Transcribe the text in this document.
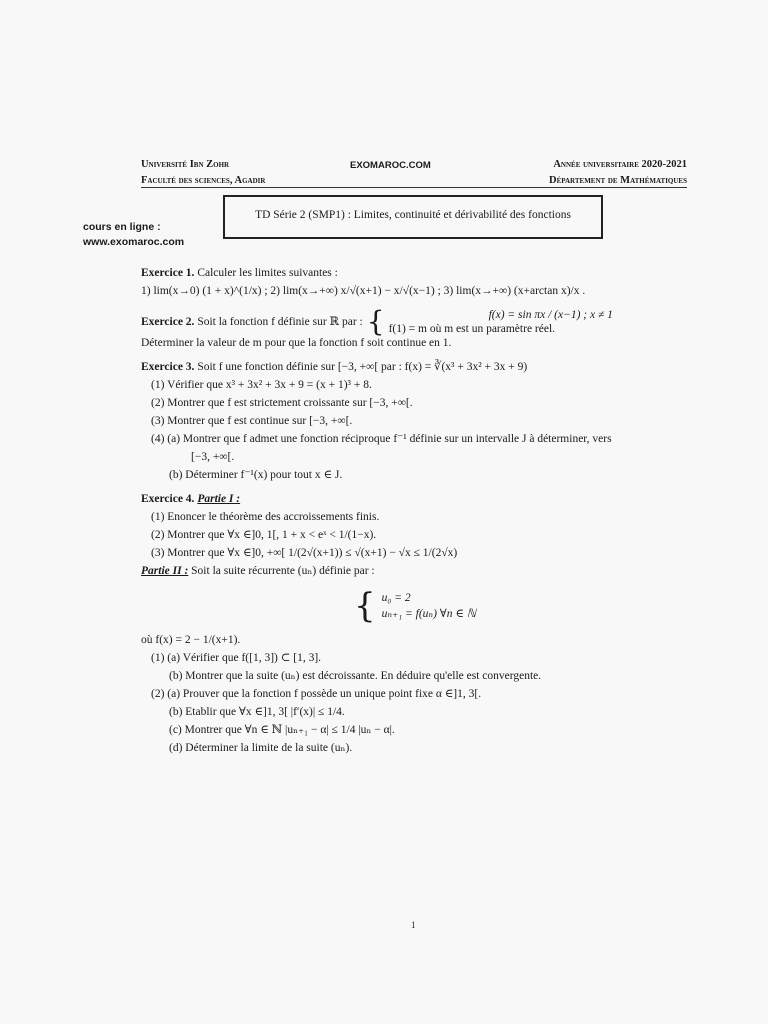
Université Ibn Zohr
Faculté des sciences, Agadir
EXOMAROC.COM	Année universitaire 2020-2021
Département de Mathématiques
TD Série 2 (SMP1) : Limites, continuité et dérivabilité des fonctions
cours en ligne :
www.exomaroc.com
Exercice 1. Calculer les limites suivantes :
1) lim(x→0) (1 + x)^(1/x) ; 2) lim(x→+∞) x/√(x+1) − x/√(x−1) ; 3) lim(x→+∞) (x+arctan x)/x .
Exercice 2.
Soit la fonction f définie sur ℝ par : {	f(x) = sin πx / (x−1) ; x ≠ 1
f(1) = m où m est un paramètre réel.
Déterminer la valeur de m pour que la fonction f soit continue en 1.
Exercice 3. Soit f une fonction définie sur [−3, +∞[ par : f(x) = ∛(x³ + 3x² + 3x + 9)
(1) Vérifier que x³ + 3x² + 3x + 9 = (x + 1)³ + 8.
(2) Montrer que f est strictement croissante sur [−3, +∞[.
(3) Montrer que f est continue sur [−3, +∞[.
(4) (a) Montrer que f admet une fonction réciproque f⁻¹ définie sur un intervalle J à déterminer, vers
[−3, +∞[.
(b) Déterminer f⁻¹(x) pour tout x ∈ J.
Exercice 4. Partie I :
(1) Enoncer le théorème des accroissements finis.
(2) Montrer que ∀x ∈]0, 1[, 1 + x < eˣ < 1/(1−x).
(3) Montrer que ∀x ∈]0, +∞[ 1/(2√(x+1)) ≤ √(x+1) − √x ≤ 1/(2√x)
Partie II : Soit la suite récurrente (uₙ) définie par :
{ u₀ = 2
uₙ₊₁ = f(uₙ) ∀n ∈ ℕ
où f(x) = 2 − 1/(x+1).
(1) (a) Vérifier que f([1, 3]) ⊂ [1, 3].
(b) Montrer que la suite (uₙ) est décroissante. En déduire qu'elle est convergente.
(2) (a) Prouver que la fonction f possède un unique point fixe α ∈]1, 3[.
(b) Etablir que ∀x ∈]1, 3[ |f′(x)| ≤ 1/4.
(c) Montrer que ∀n ∈ ℕ |uₙ₊₁ − α| ≤ 1/4 |uₙ − α|.
(d) Déterminer la limite de la suite (uₙ).
1
